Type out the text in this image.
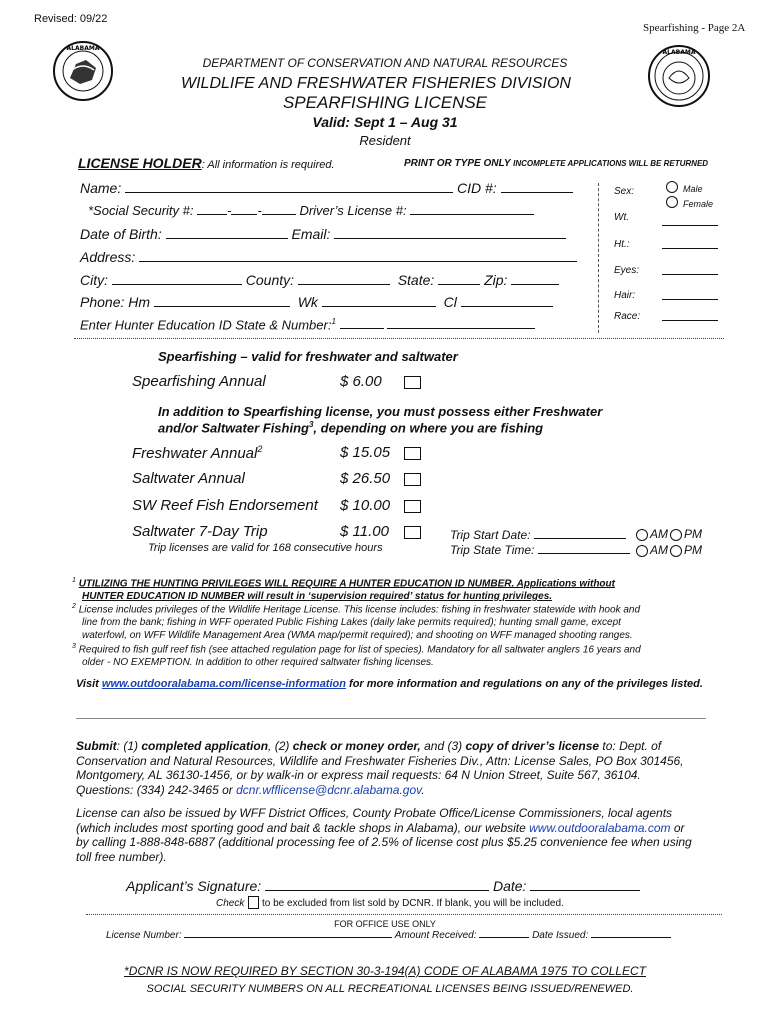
Revised: 09/22
Spearfishing - Page 2A
ALABAMA
ALABAMA
DEPARTMENT OF CONSERVATION AND NATURAL RESOURCES
WILDLIFE AND FRESHWATER FISHERIES DIVISION
SPEARFISHING LICENSE
Valid: Sept 1 – Aug 31
Resident
LICENSE HOLDER: All information is required.	PRINT OR TYPE ONLY INCOMPLETE APPLICATIONS WILL BE RETURNED
Name:	CID #:
*Social Security #:	- -	Driver’s License #:
Date of Birth:	Email:
Address:
City:	County:	State:	Zip:
Phone: Hm	Wk	Cl
Enter Hunter Education ID State & Number:$^1$
Sex:	Male
Female
Wt.
Ht.:
Eyes:
Hair:
Race:
Spearfishing – valid for freshwater and saltwater
Spearfishing Annual	$ 6.00
In addition to Spearfishing license, you must possess either Freshwater
and/or Saltwater Fishing$^3$, depending on where you are fishing
Freshwater Annual$^2$	$ 15.05
Saltwater Annual	$ 26.50
SW Reef Fish Endorsement $ 10.00
Saltwater 7-Day Trip	$ 11.00
Trip licenses are valid for 168 consecutive hours
Trip Start Date:	AM PM
Trip State Time:	AM PM
$^1$ UTILIZING THE HUNTING PRIVILEGES WILL REQUIRE A HUNTER EDUCATION ID NUMBER. Applications without
HUNTER EDUCATION ID NUMBER will result in ‘supervision required’ status for hunting privileges.
$^2$ License includes privileges of the Wildlife Heritage License. This license includes: fishing in freshwater statewide with hook and
line from the bank; fishing in WFF operated Public Fishing Lakes (daily lake permits required); hunting small game, except
waterfowl, on WFF Wildlife Management Area (WMA map/permit required); and shooting on WFF managed shooting ranges.
$^3$ Required to fish gulf reef fish (see attached regulation page for list of species). Mandatory for all saltwater anglers 16 years and
older - NO EXEMPTION. In addition to other required saltwater fishing licenses.
Visit www.outdooralabama.com/license-information for more information and regulations on any of the privileges listed.
Submit: (1) completed application, (2) check or money order, and (3) copy of driver’s license to: Dept. of
Conservation and Natural Resources, Wildlife and Freshwater Fisheries Div., Attn: License Sales, PO Box 301456,
Montgomery, AL 36130-1456, or by walk-in or express mail requests: 64 N Union Street, Suite 567, 36104.
Questions: (334) 242-3465 or dcnr.wfflicense@dcnr.alabama.gov.
License can also be issued by WFF District Offices, County Probate Office/License Commissioners, local agents
(which includes most sporting good and bait & tackle shops in Alabama), our website www.outdooralabama.com or
by calling 1-888-848-6887 (additional processing fee of 2.5% of license cost plus $5.25 convenience fee when using
toll free number).
Applicant’s Signature:	Date:
Check to be excluded from list sold by DCNR. If blank, you will be included.
FOR OFFICE USE ONLY
License Number:	Amount Received:	Date Issued:
*DCNR IS NOW REQUIRED BY SECTION 30-3-194(A) CODE OF ALABAMA 1975 TO COLLECT
SOCIAL SECURITY NUMBERS ON ALL RECREATIONAL LICENSES BEING ISSUED/RENEWED.
